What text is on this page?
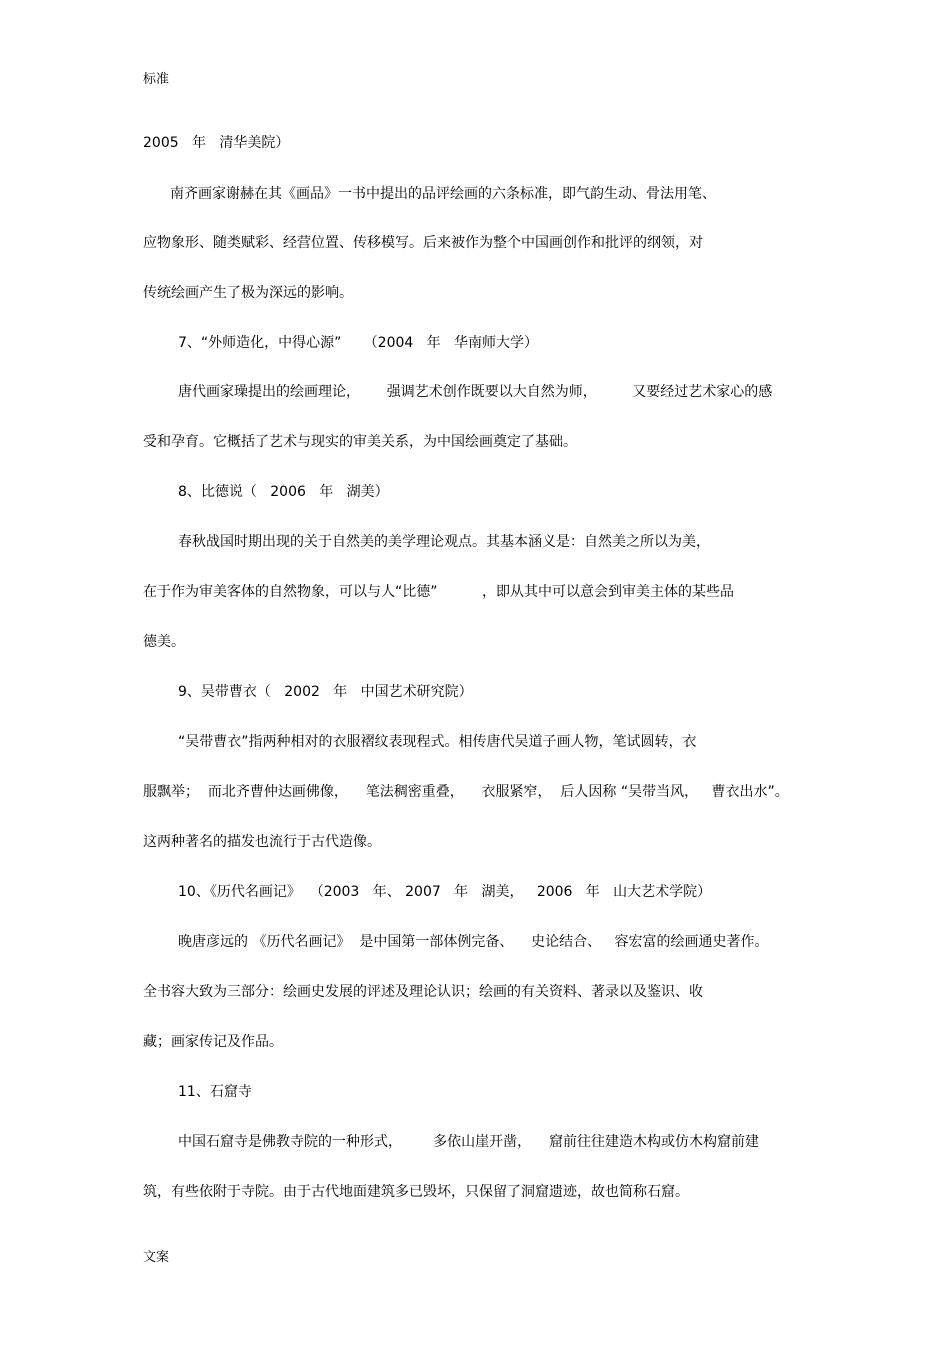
标准

2005   年   清华美院）

南齐画家谢赫在其《画品》一书中提出的品评绘画的六条标准，即气韵生动、骨法用笔、

应物象形、随类赋彩、经营位置、传移模写。后来被作为整个中国画创作和批评的纲领，对

传统绘画产生了极为深远的影响。

7、“外师造化，中得心源”     （2004   年   华南师大学）

唐代画家璪提出的绘画理论，      强调艺术创作既要以大自然为师，        又要经过艺术家心的感

受和孕育。它概括了艺术与现实的审美关系，为中国绘画奠定了基础。

8、比德说（   2006   年   湖美）

春秋战国时期出现的关于自然美的美学理论观点。其基本涵义是：自然美之所以为美，

在于作为审美客体的自然物象，可以与人“比德”          ，即从其中可以意会到审美主体的某些品

德美。

9、吴带曹衣（   2002   年   中国艺术研究院）

“吴带曹衣”指两种相对的衣服褶纹表现程式。相传唐代吴道子画人物，笔试圆转，衣

服飘举；  而北齐曹仲达画佛像，    笔法稠密重叠，    衣服紧窄，  后人因称 “吴带当风，   曹衣出水”。

这两种著名的描发也流行于古代造像。

10、《历代名画记》  （2003   年、 2007   年   湖美，   2006   年   山大艺术学院）

晚唐彦远的 《历代名画记》  是中国第一部体例完备、    史论结合、   容宏富的绘画通史著作。

全书容大致为三部分：绘画史发展的评述及理论认识；绘画的有关资料、著录以及鉴识、收

藏；画家传记及作品。

11、石窟寺

中国石窟寺是佛教寺院的一种形式，       多依山崖开凿，    窟前往往建造木构或仿木构窟前建

筑，有些依附于寺院。由于古代地面建筑多已毁坏，只保留了洞窟遗迹，故也简称石窟。

文案
